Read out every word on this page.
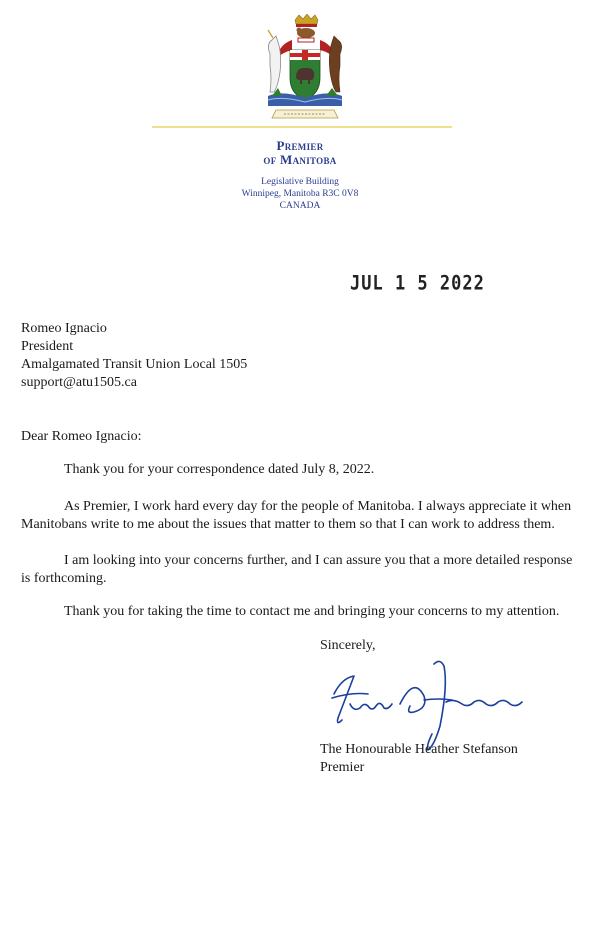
Premier
of Manitoba
Legislative Building
Winnipeg, Manitoba R3C 0V8
CANADA
JUL 1 5 2022
Romeo Ignacio
President
Amalgamated Transit Union Local 1505
support@atu1505.ca
Dear Romeo Ignacio:
Thank you for your correspondence dated July 8, 2022.
As Premier, I work hard every day for the people of Manitoba. I always appreciate it when
Manitobans write to me about the issues that matter to them so that I can work to address them.
I am looking into your concerns further, and I can assure you that a more detailed response
is forthcoming.
Thank you for taking the time to contact me and bringing your concerns to my attention.
Sincerely,
The Honourable Heather Stefanson
Premier
